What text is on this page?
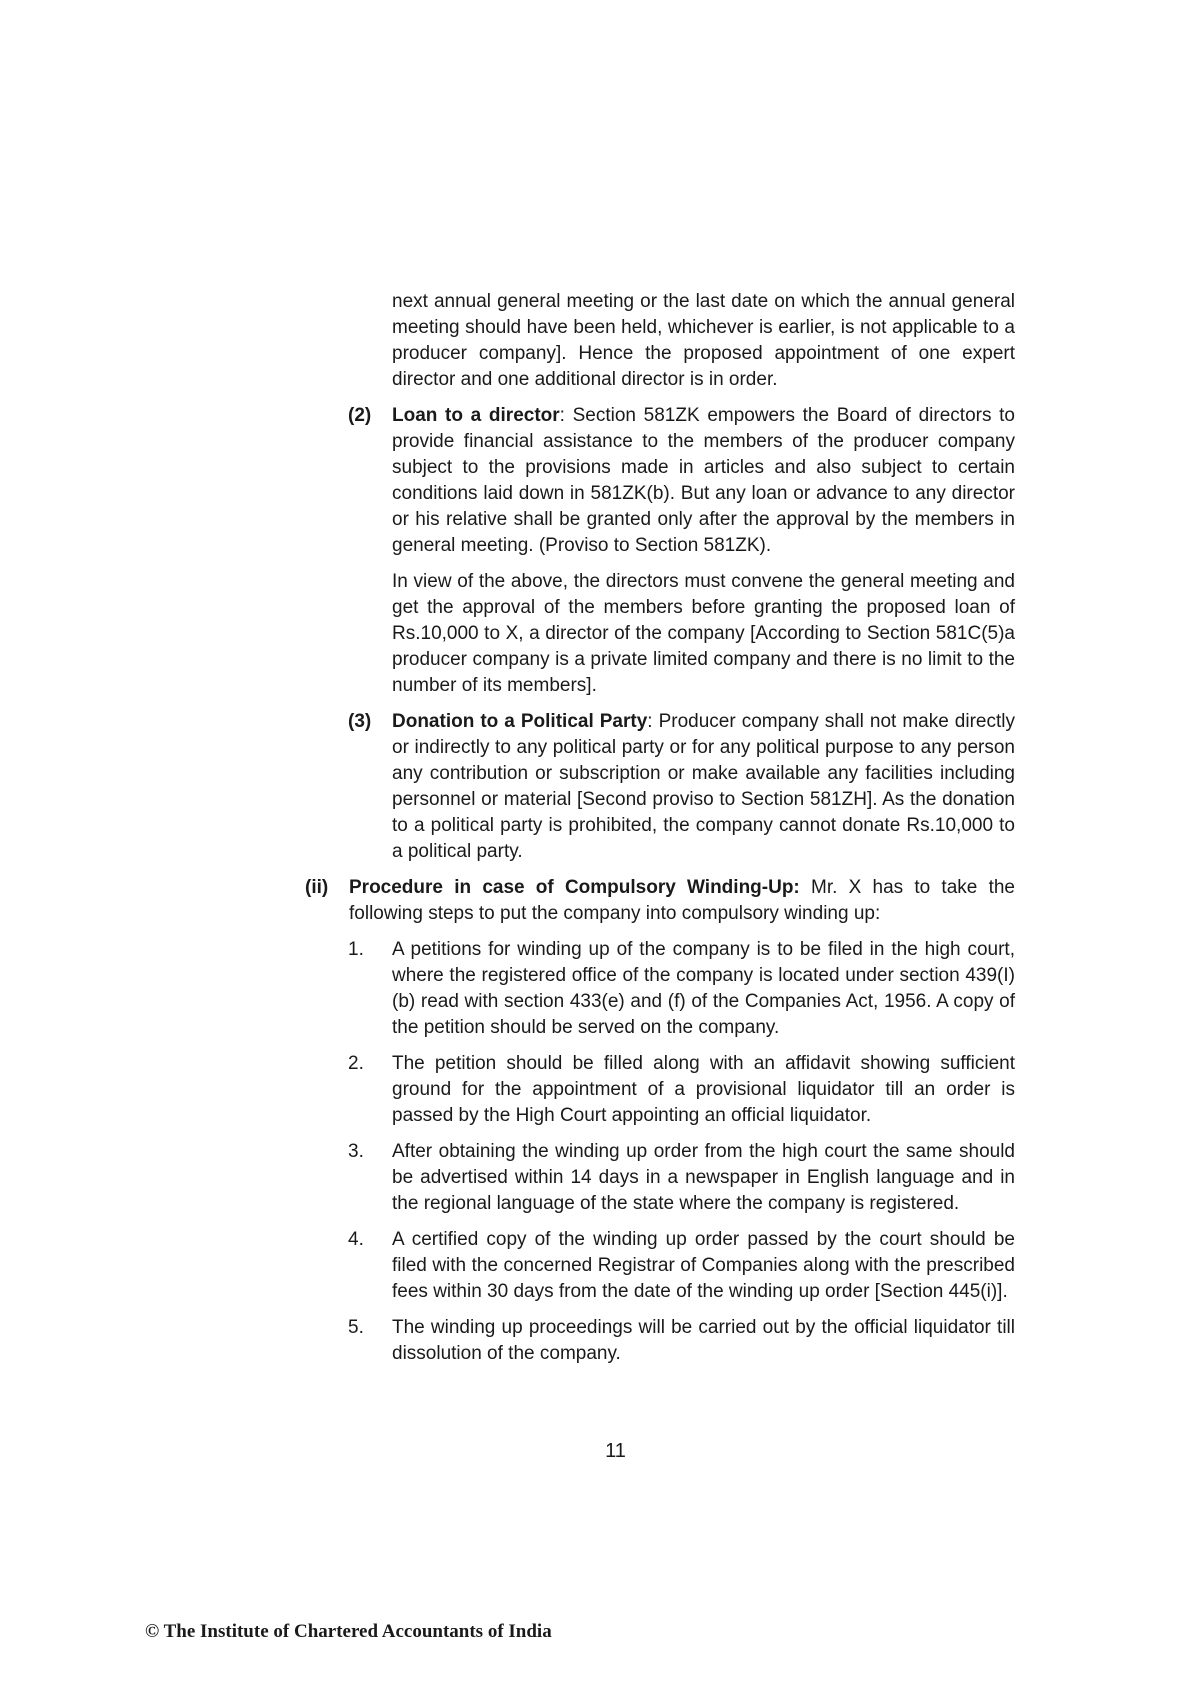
next annual general meeting or the last date on which the annual general meeting should have been held, whichever is earlier, is not applicable to a producer company]. Hence the proposed appointment of one expert director and one additional director is in order.

(2) Loan to a director: Section 581ZK empowers the Board of directors to provide financial assistance to the members of the producer company subject to the provisions made in articles and also subject to certain conditions laid down in 581ZK(b). But any loan or advance to any director or his relative shall be granted only after the approval by the members in general meeting. (Proviso to Section 581ZK).

In view of the above, the directors must convene the general meeting and get the approval of the members before granting the proposed loan of Rs.10,000 to X, a director of the company [According to Section 581C(5)a producer company is a private limited company and there is no limit to the number of its members].

(3) Donation to a Political Party: Producer company shall not make directly or indirectly to any political party or for any political purpose to any person any contribution or subscription or make available any facilities including personnel or material [Second proviso to Section 581ZH]. As the donation to a political party is prohibited, the company cannot donate Rs.10,000 to a political party.

(ii) Procedure in case of Compulsory Winding-Up: Mr. X has to take the following steps to put the company into compulsory winding up:

1. A petitions for winding up of the company is to be filed in the high court, where the registered office of the company is located under section 439(I)(b) read with section 433(e) and (f) of the Companies Act, 1956. A copy of the petition should be served on the company.

2. The petition should be filled along with an affidavit showing sufficient ground for the appointment of a provisional liquidator till an order is passed by the High Court appointing an official liquidator.

3. After obtaining the winding up order from the high court the same should be advertised within 14 days in a newspaper in English language and in the regional language of the state where the company is registered.

4. A certified copy of the winding up order passed by the court should be filed with the concerned Registrar of Companies along with the prescribed fees within 30 days from the date of the winding up order [Section 445(i)].

5. The winding up proceedings will be carried out by the official liquidator till dissolution of the company.

11
© The Institute of Chartered Accountants of India
